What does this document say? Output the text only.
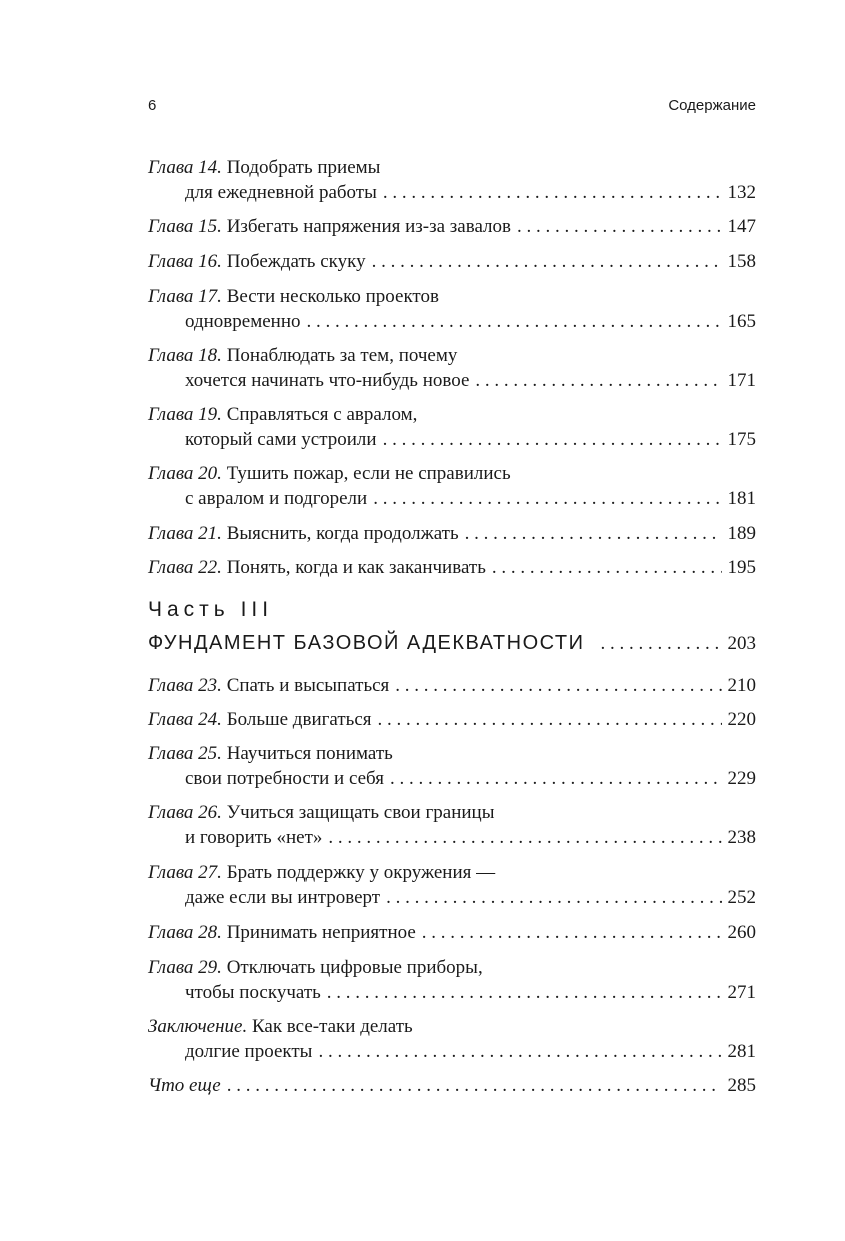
6	Содержание
Глава 14. Подобрать приемы
для ежедневной работы . . .	132
Глава 15.
Избегать напряжения из-за завалов . . .	147
Глава 16.
Побеждать скуку . . .	158
Глава 17. Вести несколько проектов
одновременно . . .	165
Глава 18. Понаблюдать за тем, почему
хочется начинать что-нибудь новое . . .	171
Глава 19. Справляться с авралом,
который сами устроили . . .	175
Глава 20. Тушить пожар, если не справились
с авралом и подгорели . . .	181
Глава 21.
Выяснить, когда продолжать . . .	189
Глава 22.
Понять, когда и как заканчивать . . .	195
Часть III
ФУНДАМЕНТ БАЗОВОЙ АДЕКВАТНОСТИ . . .	203
Глава 23.
Спать и высыпаться . . .	210
Глава 24.
Больше двигаться . . .	220
Глава 25. Научиться понимать
свои потребности и себя . . .	229
Глава 26. Учиться защищать свои границы
и говорить «нет» . . .	238
Глава 27. Брать поддержку у окружения —
даже если вы интроверт . . .	252
Глава 28.
Принимать неприятное . . .	260
Глава 29. Отключать цифровые приборы,
чтобы поскучать . . .	271
Заключение. Как все-таки делать
долгие проекты . . .	281
Что еще . . .	285
